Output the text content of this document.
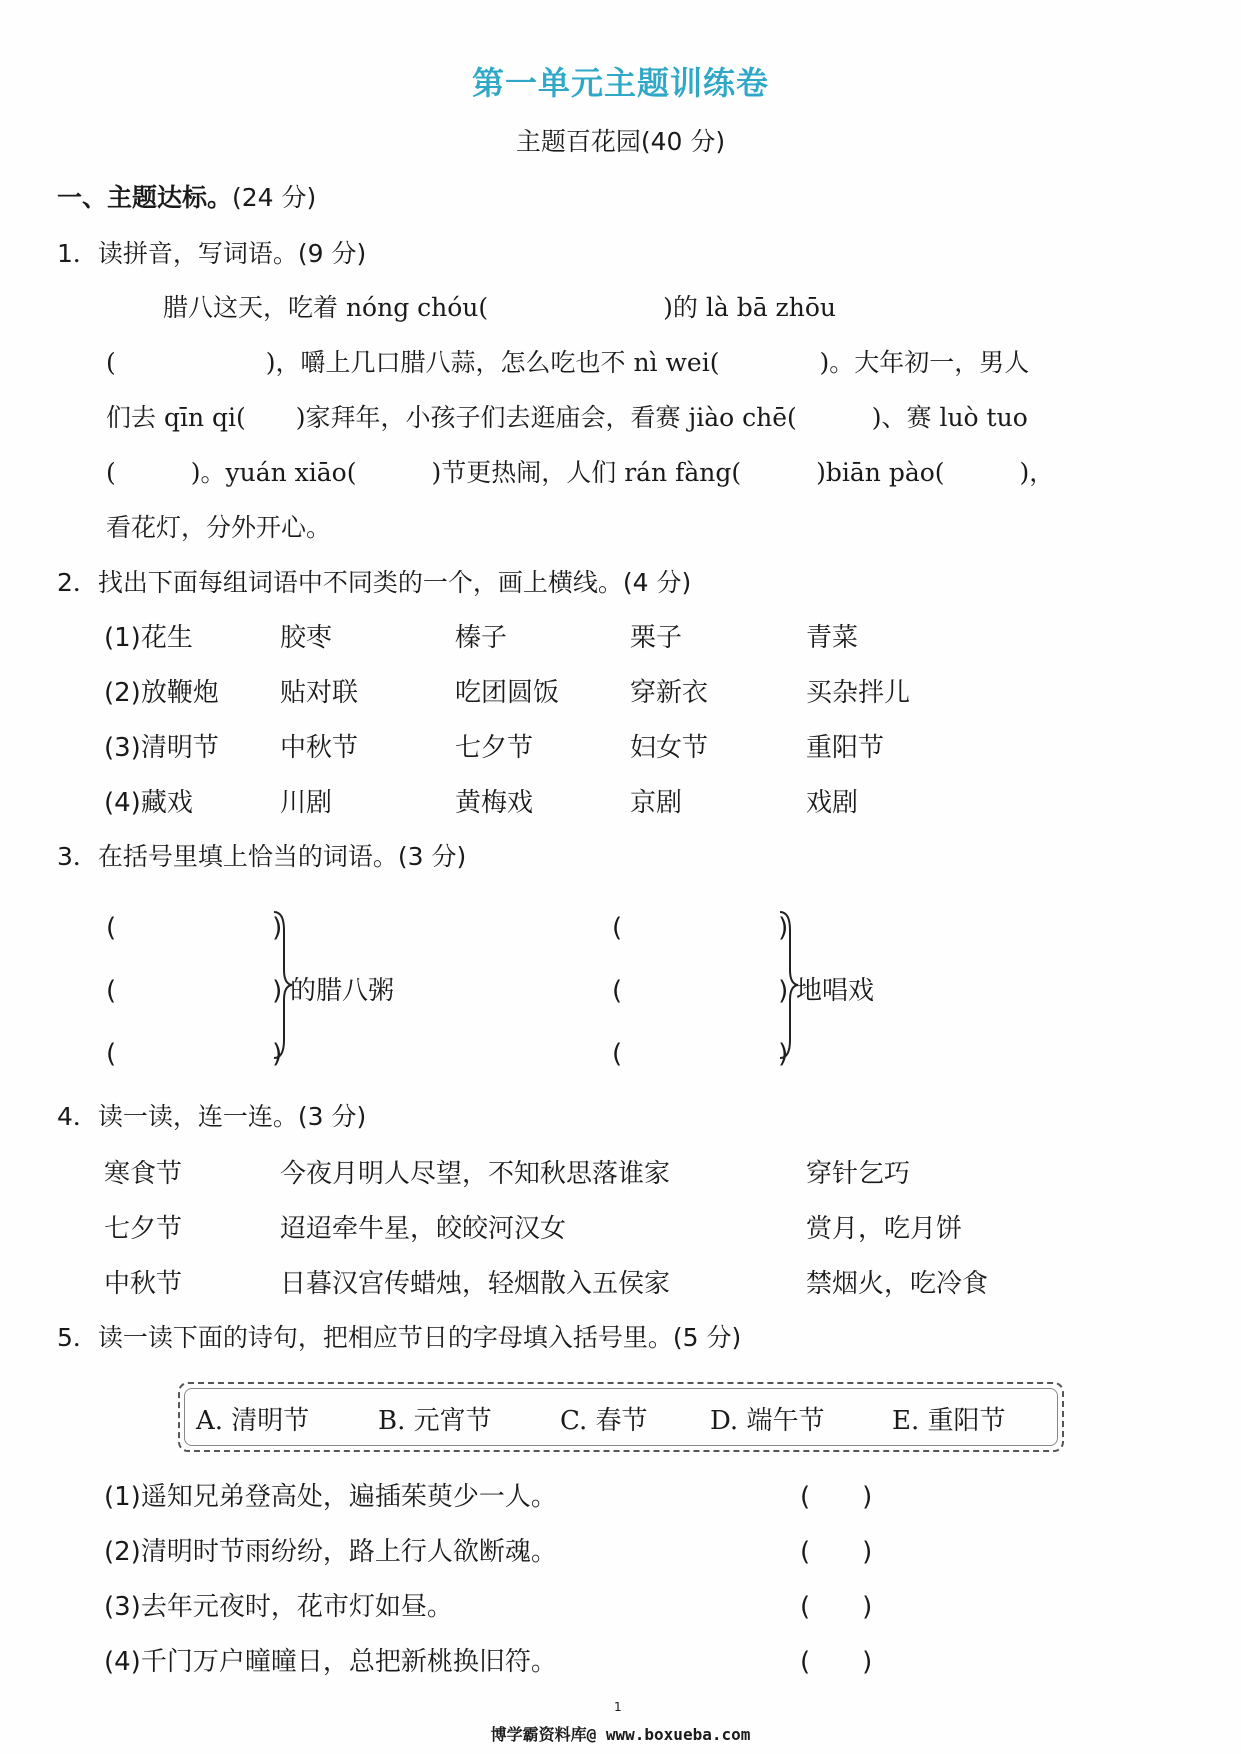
第一单元主题训练卷
主题百花园(40 分)
一、主题达标。(24 分)
1．读拼音，写词语。(9 分)
腊八这天，吃着 nóng chóu(　　　　　　　)的 là bā zhōu
(　　　　　　)，嚼上几口腊八蒜，怎么吃也不 nì wei(　　　　)。大年初一，男人
们去 qīn qi(　　)家拜年，小孩子们去逛庙会，看赛 jiào chē(　　　)、赛 luò tuo
(　　　)。yuán xiāo(　　　)节更热闹，人们 rán fàng(　　　)biān pào(　　　)，
看花灯，分外开心。
2．找出下面每组词语中不同类的一个，画上横线。(4 分)
(1)花生	胶枣	榛子	栗子	青菜
(2)放鞭炮 贴对联	吃团圆饭	穿新衣	买杂拌儿
(3)清明节 中秋节	七夕节	妇女节	重阳节
(4)藏戏	川剧	黄梅戏	京剧	戏剧
3．在括号里填上恰当的词语。(3 分)
(　　　　　　)
(　　　　　　)
(　　　　　　)
的腊八粥
(　　　　　　)
(　　　　　　)
(　　　　　　)
地唱戏
4．读一读，连一连。(3 分)
寒食节	今夜月明人尽望，不知秋思落谁家	穿针乞巧
七夕节	迢迢牵牛星，皎皎河汉女	赏月，吃月饼
中秋节	日暮汉宫传蜡烛，轻烟散入五侯家	禁烟火，吃冷食
5．读一读下面的诗句，把相应节日的字母填入括号里。(5 分)
A. 清明节	B. 元宵节	C. 春节 D. 端午节	E. 重阳节
(1)遥知兄弟登高处，遍插茱萸少一人。	(　　)
(2)清明时节雨纷纷，路上行人欲断魂。	(　　)
(3)去年元夜时，花市灯如昼。	(　　)
(4)千门万户曈曈日，总把新桃换旧符。	(　　)
1
博学霸资料库@ www.boxueba.com
